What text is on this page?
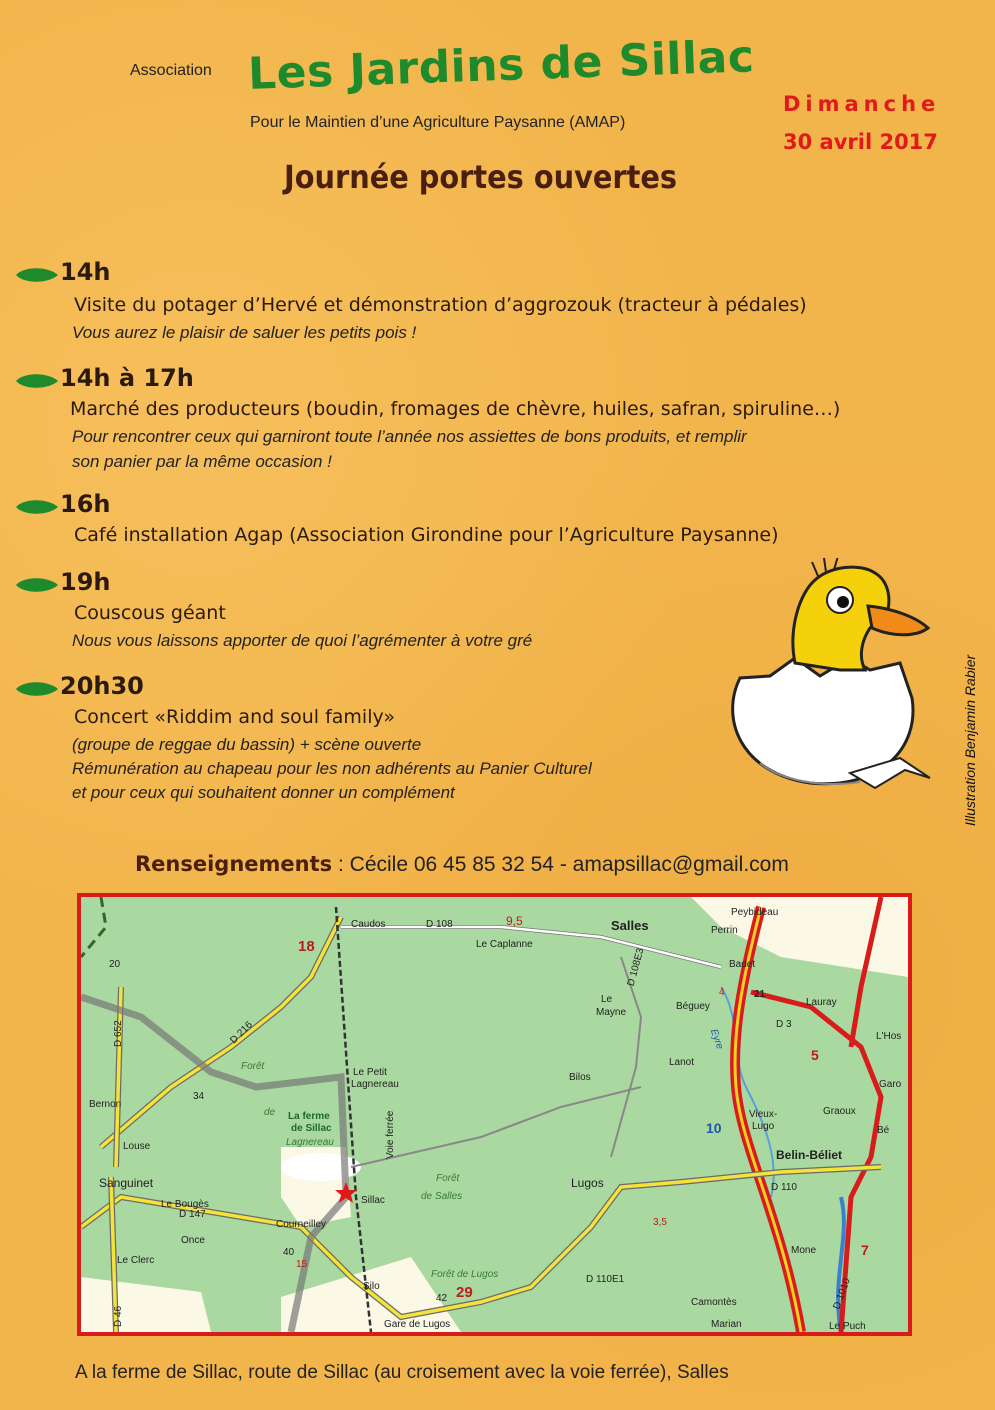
Association Les Jardins de Sillac
Pour le Maintien d’une Agriculture Paysanne (AMAP)
Dimanche
30 avril 2017
Journée portes ouvertes
14h
Visite du potager d’Hervé et démonstration d’aggrozouk (tracteur à pédales)
Vous aurez le plaisir de saluer les petits pois !
14h à 17h
Marché des producteurs (boudin, fromages de chèvre, huiles, safran, spiruline…)
Pour rencontrer ceux qui garniront toute l’année nos assiettes de bons produits, et remplir
son panier par la même occasion !
16h
Café installation Agap (Association Girondine pour l’Agriculture Paysanne)
19h
Couscous géant
Nous vous laissons apporter de quoi l’agrémenter à votre gré
20h30
Concert «Riddim and soul family»
(groupe de reggae du bassin) + scène ouverte
Rémunération au chapeau pour les non adhérents au Panier Culturel
et pour ceux qui souhaitent donner un complément	Illustration Benjamin Rabier
Renseignements : Cécile 06 45 85 32 54 - amapsillac@gmail.com
Caudos	D 108	9,5	Salles
Peybideau
Perrin
Badet
Le Caplanne
18
Le
Mayne
Béguey	Lauray
L'Hos
Forêt
Le Petit
Lagnereau
Bilos
Lanot	5
Bernon
34
de La ferme
de Sillac
Lagnereau	Voie ferrée	Vieux-
Lugo
Graoux
Garo
10
Belin-Béliet
Louse
Sanguinet	Forêt
de Salles
Lugos
Sillac
D 110
Le Bougès
Courneilley
Once
Le Clerc
Forêt de Lugos
29
Silo
Gare de Lugos
D 110E1
Camontès
Marian
Mone
Le Puch
7
D 1010
D 216
D 652
D 46
D 147
D 3
21
4
15
40
42
20	D 108E3
Bé
Eyre
3,5
A la ferme de Sillac, route de Sillac (au croisement avec la voie ferrée), Salles
